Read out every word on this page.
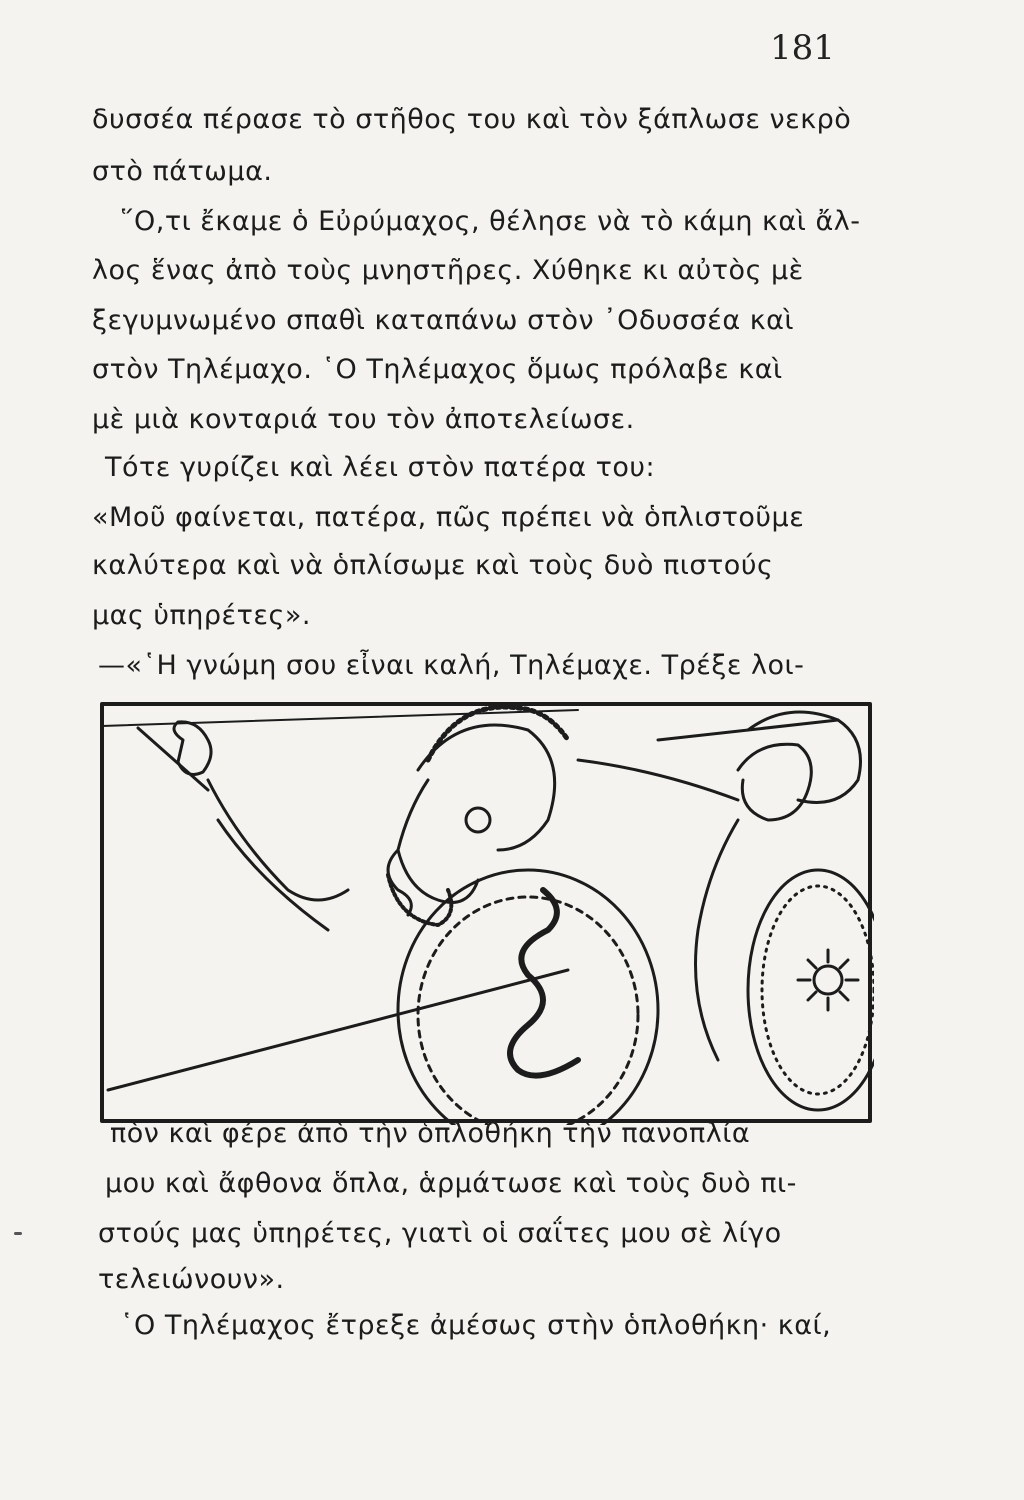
181
δυσσέα πέρασε τὸ στῆθος του καὶ τὸν ξάπλωσε νεκρὸ
στὸ πάτωμα.
῞Ο,τι ἔκαμε ὁ Εὐρύμαχος, θέλησε νὰ τὸ κάμη καὶ ἄλ-
λος ἕνας ἀπὸ τοὺς μνηστῆρες. Χύθηκε κι αὐτὸς μὲ
ξεγυμνωμένο σπαθὶ καταπάνω στὸν ᾿Οδυσσέα καὶ
στὸν Τηλέμαχο. ῾Ο Τηλέμαχος ὅμως πρόλαβε καὶ
μὲ μιὰ κονταριά του τὸν ἀποτελείωσε.
Τότε γυρίζει καὶ λέει στὸν πατέρα του:
«Μοῦ φαίνεται, πατέρα, πῶς πρέπει νὰ ὁπλιστοῦμε
καλύτερα καὶ νὰ ὁπλίσωμε καὶ τοὺς δυὸ πιστούς
μας ὑπηρέτες».
—«῾Η γνώμη σου εἶναι καλή, Τηλέμαχε. Τρέξε λοι-
πὸν καὶ φέρε ἀπὸ τὴν ὁπλοθήκη τὴν πανοπλία
μου καὶ ἄφθονα ὅπλα, ἁρμάτωσε καὶ τοὺς δυὸ πι-
στούς μας ὑπηρέτες, γιατὶ οἱ σαΐτες μου σὲ λίγο
τελειώνουν».
῾Ο Τηλέμαχος ἔτρεξε ἀμέσως στὴν ὁπλοθήκη· καί,
